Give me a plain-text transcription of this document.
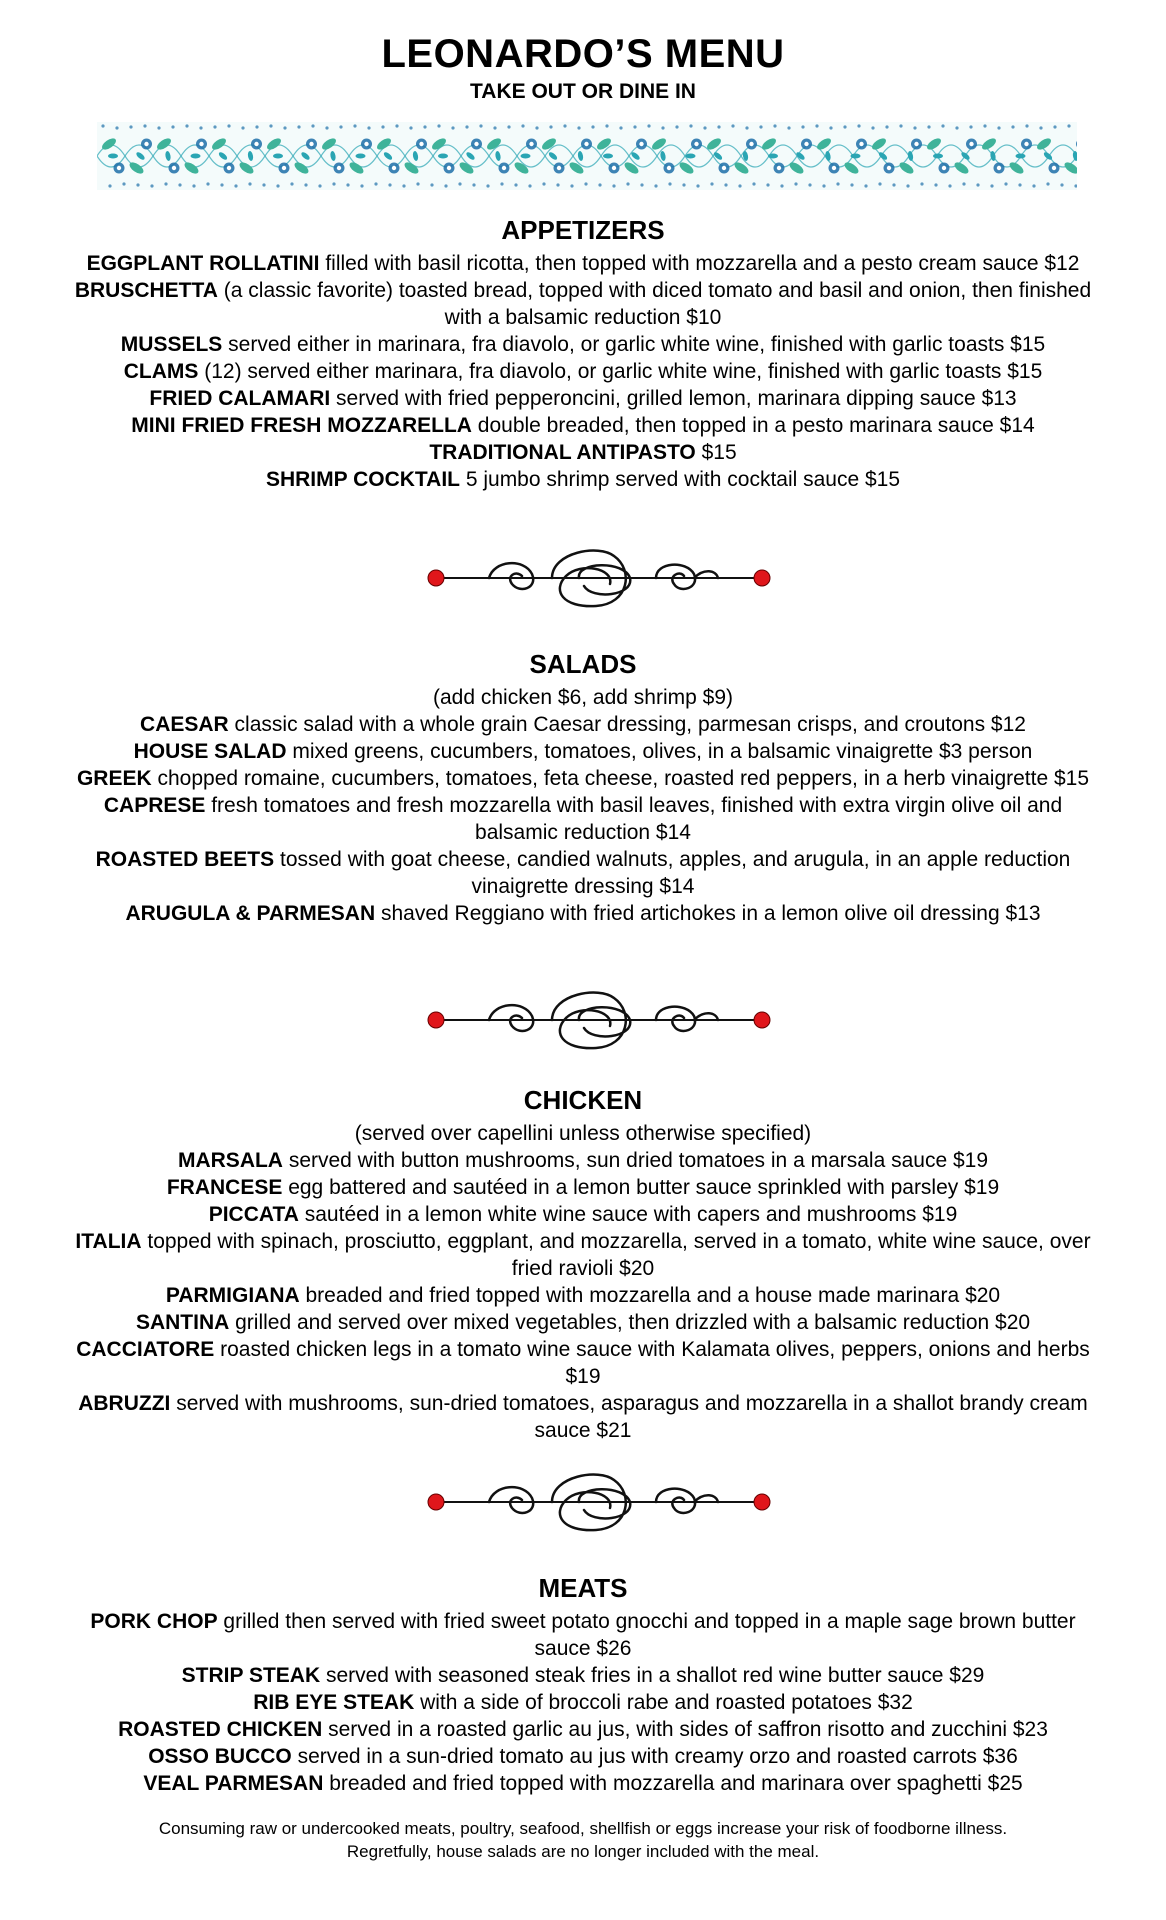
LEONARDO’S MENU
TAKE OUT OR DINE IN
APPETIZERS
EGGPLANT ROLLATINI filled with basil ricotta, then topped with mozzarella and a pesto cream sauce $12
BRUSCHETTA (a classic favorite) toasted bread, topped with diced tomato and basil and onion, then finished with a balsamic reduction $10
MUSSELS served either in marinara, fra diavolo, or garlic white wine, finished with garlic toasts $15
CLAMS (12) served either marinara, fra diavolo, or garlic white wine, finished with garlic toasts $15
FRIED CALAMARI served with fried pepperoncini, grilled lemon, marinara dipping sauce $13
MINI FRIED FRESH MOZZARELLA double breaded, then topped in a pesto marinara sauce $14
TRADITIONAL ANTIPASTO $15
SHRIMP COCKTAIL 5 jumbo shrimp served with cocktail sauce $15
SALADS
(add chicken $6, add shrimp $9)
CAESAR classic salad with a whole grain Caesar dressing, parmesan crisps, and croutons $12
HOUSE SALAD mixed greens, cucumbers, tomatoes, olives, in a balsamic vinaigrette $3 person
GREEK chopped romaine, cucumbers, tomatoes, feta cheese, roasted red peppers, in a herb vinaigrette $15
CAPRESE fresh tomatoes and fresh mozzarella with basil leaves, finished with extra virgin olive oil and balsamic reduction $14
ROASTED BEETS tossed with goat cheese, candied walnuts, apples, and arugula, in an apple reduction vinaigrette dressing $14
ARUGULA & PARMESAN shaved Reggiano with fried artichokes in a lemon olive oil dressing $13
CHICKEN
(served over capellini unless otherwise specified)
MARSALA served with button mushrooms, sun dried tomatoes in a marsala sauce $19
FRANCESE egg battered and sautéed in a lemon butter sauce sprinkled with parsley $19
PICCATA sautéed in a lemon white wine sauce with capers and mushrooms $19
ITALIA topped with spinach, prosciutto, eggplant, and mozzarella, served in a tomato, white wine sauce, over fried ravioli $20
PARMIGIANA breaded and fried topped with mozzarella and a house made marinara $20
SANTINA grilled and served over mixed vegetables, then drizzled with a balsamic reduction $20
CACCIATORE roasted chicken legs in a tomato wine sauce with Kalamata olives, peppers, onions and herbs $19
ABRUZZI served with mushrooms, sun-dried tomatoes, asparagus and mozzarella in a shallot brandy cream sauce $21
MEATS
PORK CHOP grilled then served with fried sweet potato gnocchi and topped in a maple sage brown butter sauce $26
STRIP STEAK served with seasoned steak fries in a shallot red wine butter sauce $29
RIB EYE STEAK with a side of broccoli rabe and roasted potatoes $32
ROASTED CHICKEN served in a roasted garlic au jus, with sides of saffron risotto and zucchini $23
OSSO BUCCO served in a sun-dried tomato au jus with creamy orzo and roasted carrots $36
VEAL PARMESAN breaded and fried topped with mozzarella and marinara over spaghetti $25
Consuming raw or undercooked meats, poultry, seafood, shellfish or eggs increase your risk of foodborne illness.
Regretfully, house salads are no longer included with the meal.
